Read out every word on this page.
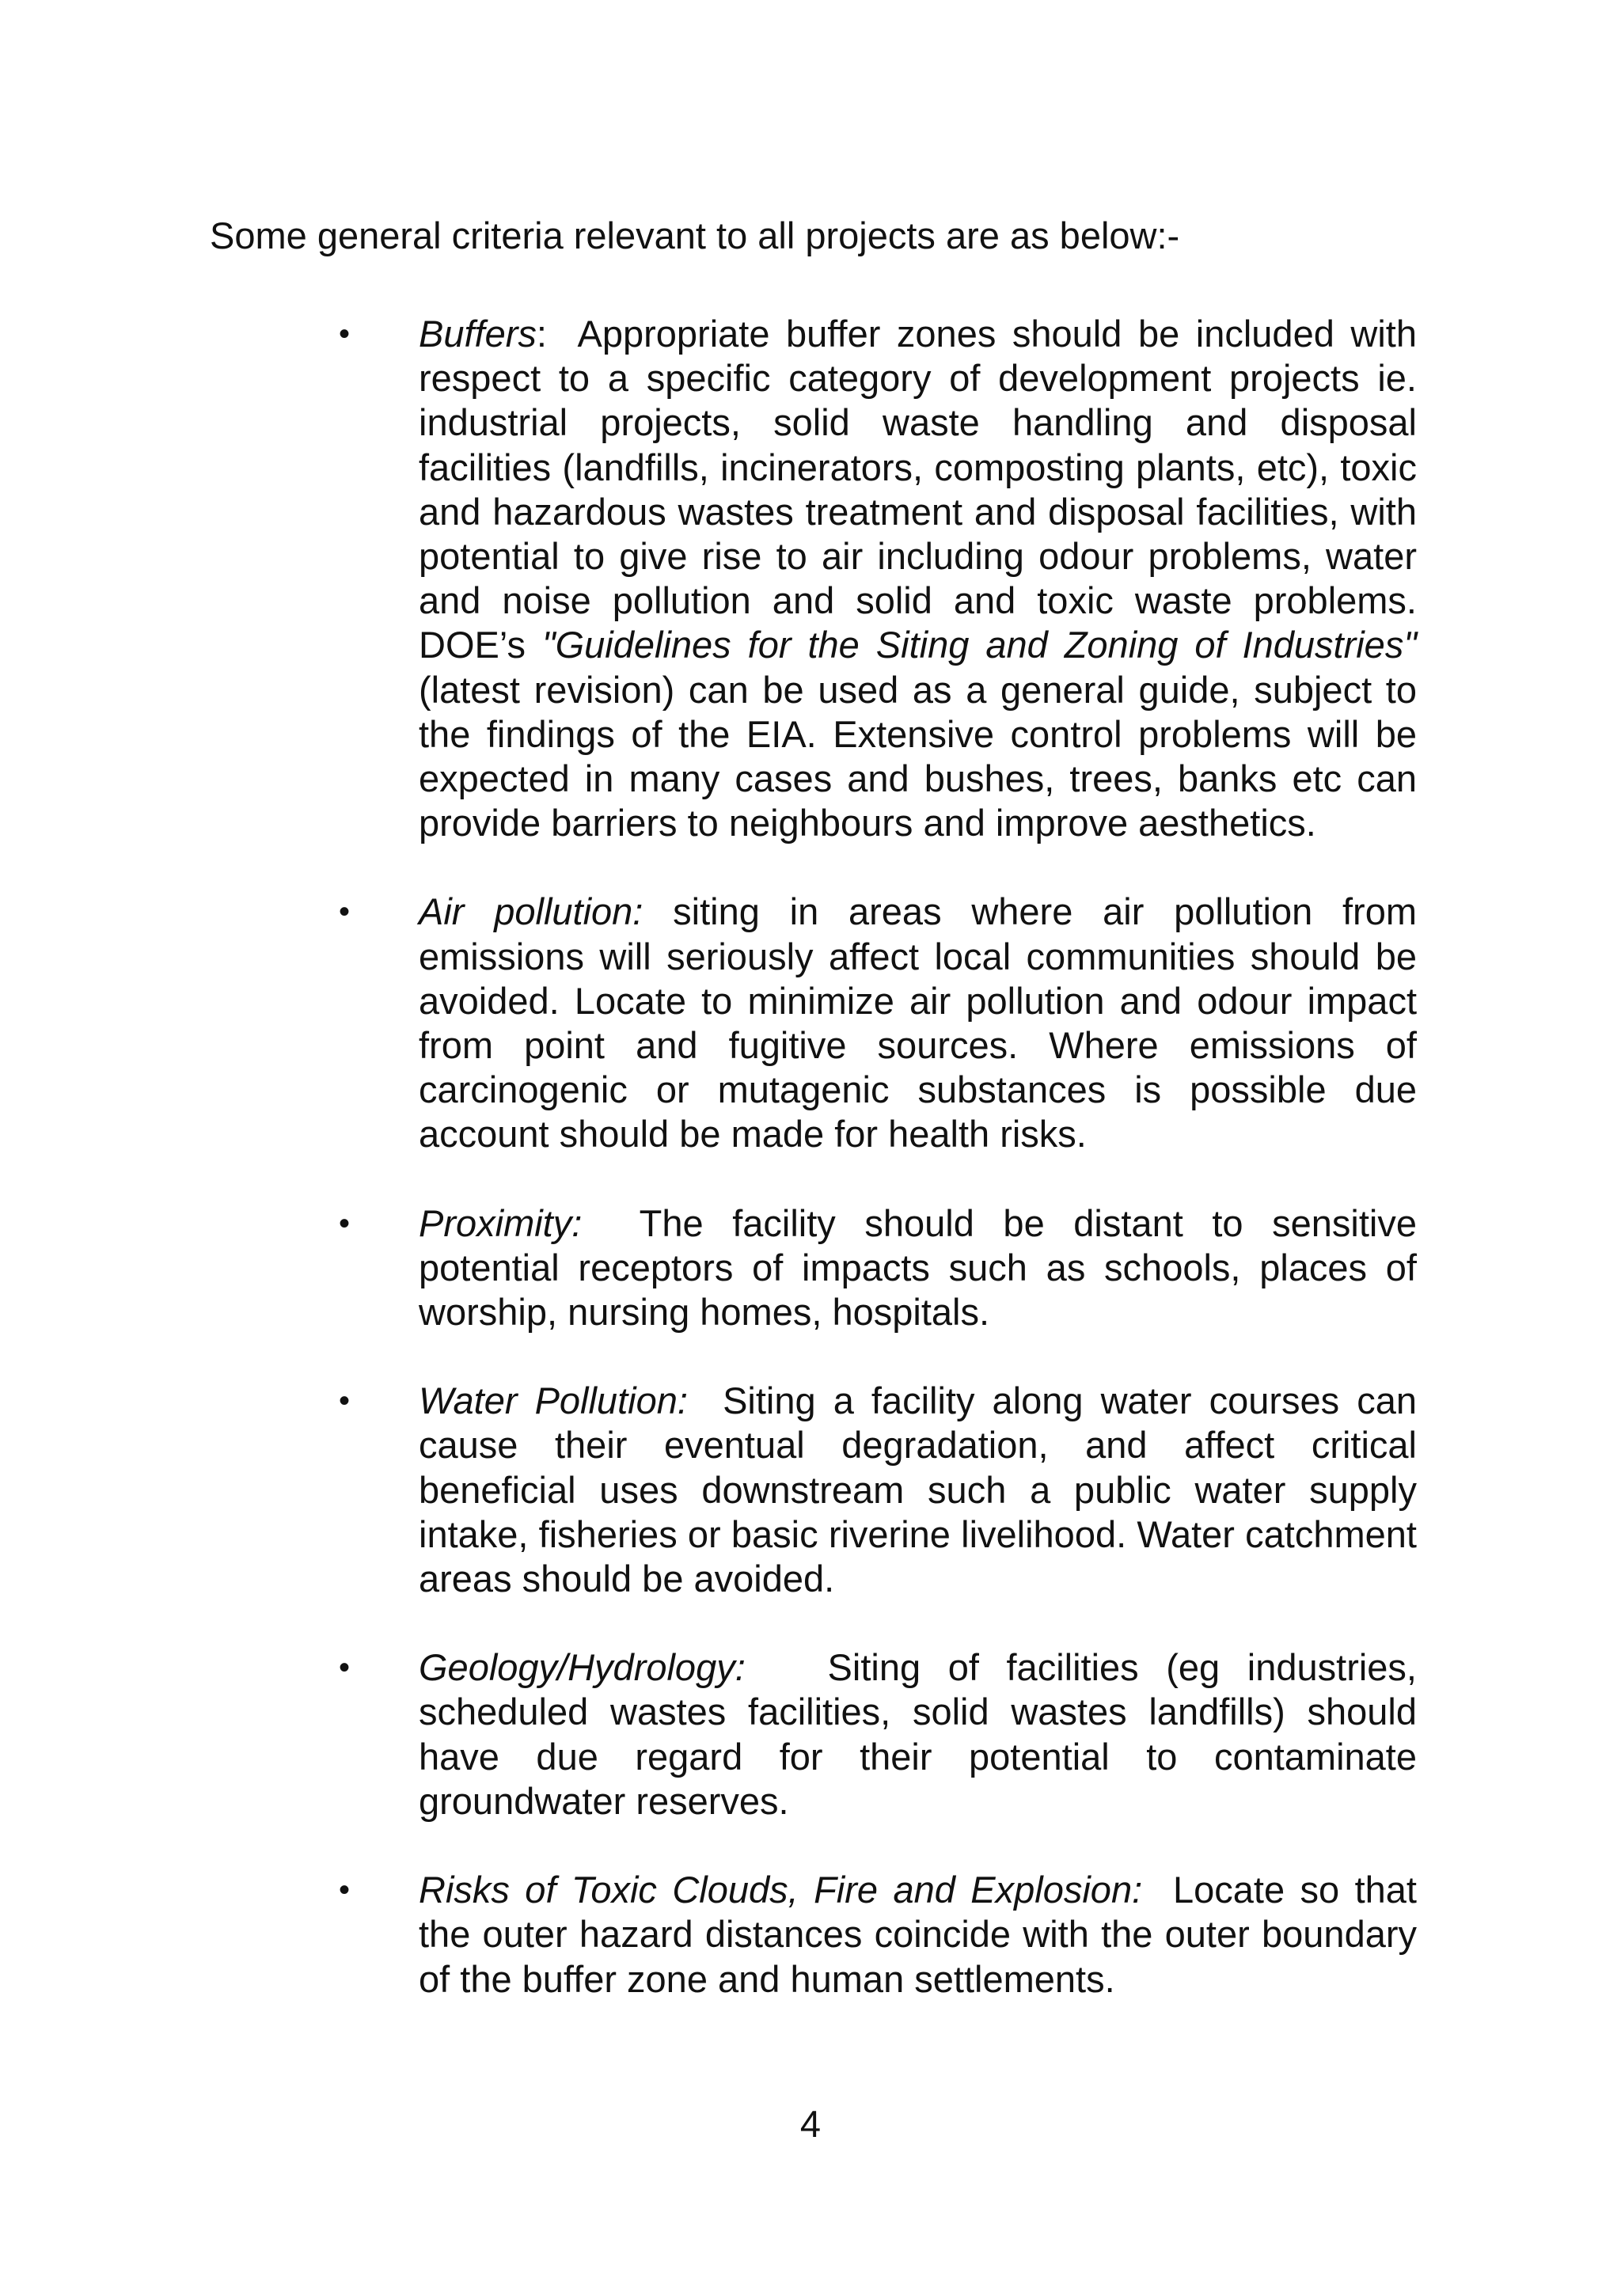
Some general criteria relevant to all projects are as below:-

•	Buffers:  Appropriate buffer zones should be included with respect to a specific category of development projects ie. industrial projects, solid waste handling and disposal facilities (landfills, incinerators, composting plants, etc), toxic and hazardous wastes treatment and disposal facilities, with potential to give rise to air including odour problems, water and noise pollution and solid and toxic waste problems. DOE’s "Guidelines for the Siting and Zoning of Industries" (latest revision) can be used as a general guide, subject to the findings of the EIA. Extensive control problems will be expected in many cases and bushes, trees, banks etc can provide barriers to neighbours and improve aesthetics.
•	Air pollution: siting in areas where air pollution from emissions will seriously affect local communities should be avoided. Locate to minimize air pollution and odour impact from point and fugitive sources. Where emissions of carcinogenic or mutagenic substances is possible due account should be made for health risks.
•	Proximity: The facility should be distant to sensitive potential receptors of impacts such as schools, places of worship, nursing homes, hospitals.
•	Water Pollution: Siting a facility along water courses can cause their eventual degradation, and affect critical beneficial uses downstream such a public water supply intake, fisheries or basic riverine livelihood. Water catchment areas should be avoided.
•	Geology/Hydrology: Siting of facilities (eg industries, scheduled wastes facilities, solid wastes landfills) should have due regard for their potential to contaminate groundwater reserves.
•	Risks of Toxic Clouds, Fire and Explosion: Locate so that the outer hazard distances coincide with the outer boundary of the buffer zone and human settlements.

4
